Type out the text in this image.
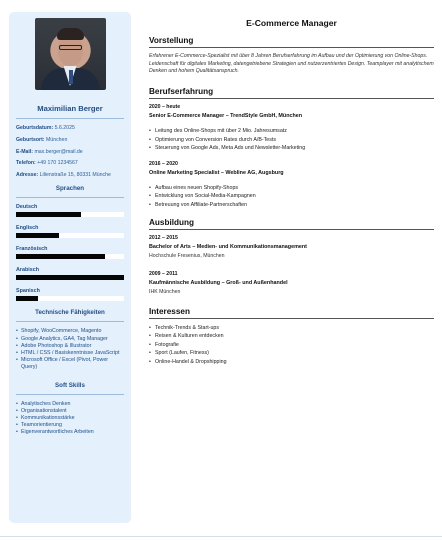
Maximilian Berger

Geburtsdatum: 5.6.2025

Geburtsort: München

E-Mail: max.berger@mail.de

Telefon: +49 170 1234567

Adresse: Lilienstraße 15, 80331 Münche

Sprachen
Deutsch
Englisch
Französisch
Arabisch
Spanisch
Technische Fähigkeiten
• Shopify, WooCommerce, Magento
• Google Analytics, GA4, Tag Manager
• Adobe Photoshop & Illustrator
• HTML / CSS / Basiskenntnisse JavaScript
• Microsoft Office / Excel (Pivot, Power Query)
Soft Skills
• Analytisches Denken
• Organisationstalent
• Kommunikationsstärke
• Teamorientierung
• Eigenverantwortliches Arbeiten
E-Commerce Manager
Vorstellung

Erfahrener E-Commerce-Spezialist mit über 8 Jahren Berufserfahrung im Aufbau und der Optimierung von Online-Shops. Leidenschaft für digitales Marketing, datengetriebene Strategien und nutzerzentriertes Design. Teamplayer mit analytischem Denken und hohem Qualitätsanspruch.

Berufserfahrung
2020 – heute
Senior E-Commerce Manager – TrendStyle GmbH, München
• Leitung des Online-Shops mit über 2 Mio. Jahresumsatz
• Optimierung von Conversion Rates durch A/B-Tests
• Steuerung von Google Ads, Meta Ads und Newsletter-Marketing
2016 – 2020
Online Marketing Specialist – Webline AG, Augsburg
• Aufbau eines neuen Shopify-Shops
• Entwicklung von Social-Media-Kampagnen
• Betreuung von Affiliate-Partnerschaften
Ausbildung
2012 – 2015
Bachelor of Arts – Medien- und Kommunikationsmanagement
Hochschule Fresenius, München
2009 – 2011
Kaufmännische Ausbildung – Groß- und Außenhandel
IHK München
Interessen
• Technik-Trends & Start-ups
• Reisen & Kulturen entdecken
• Fotografie
• Sport (Laufen, Fitness)
• Online-Handel & Dropshipping
